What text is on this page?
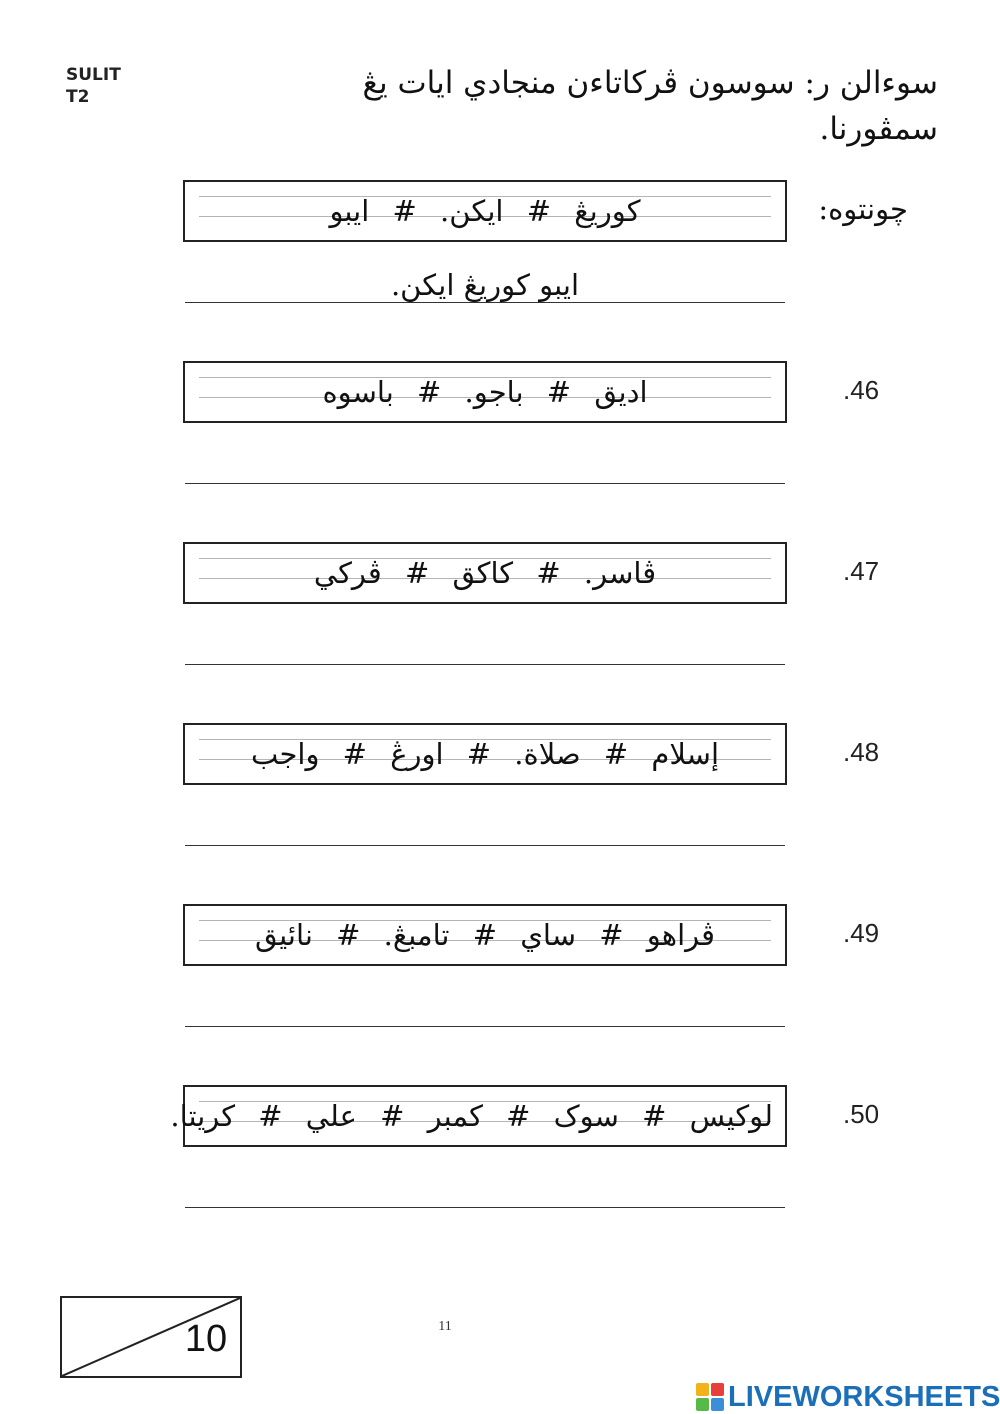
SULIT
T2	سوءالن ر: سوسون ڤركاتاءن منجادي ايات يڠ سمڤورنا.
كوريڠ # ايكن. # ايبو	چونتوه:
ايبو كوريڠ ايكن.
اديق # باجو. # باسوه	.46
ڤاسر. # كاكق # ڤركي	.47
إسلام # صلاة. # اورڠ # واجب	.48
ڤراهو # ساي # تامبڠ. # نائيق	.49
لوكيس # سوک # كمبر # علي # كريتا.	.50
10	11
LIVEWORKSHEETS
